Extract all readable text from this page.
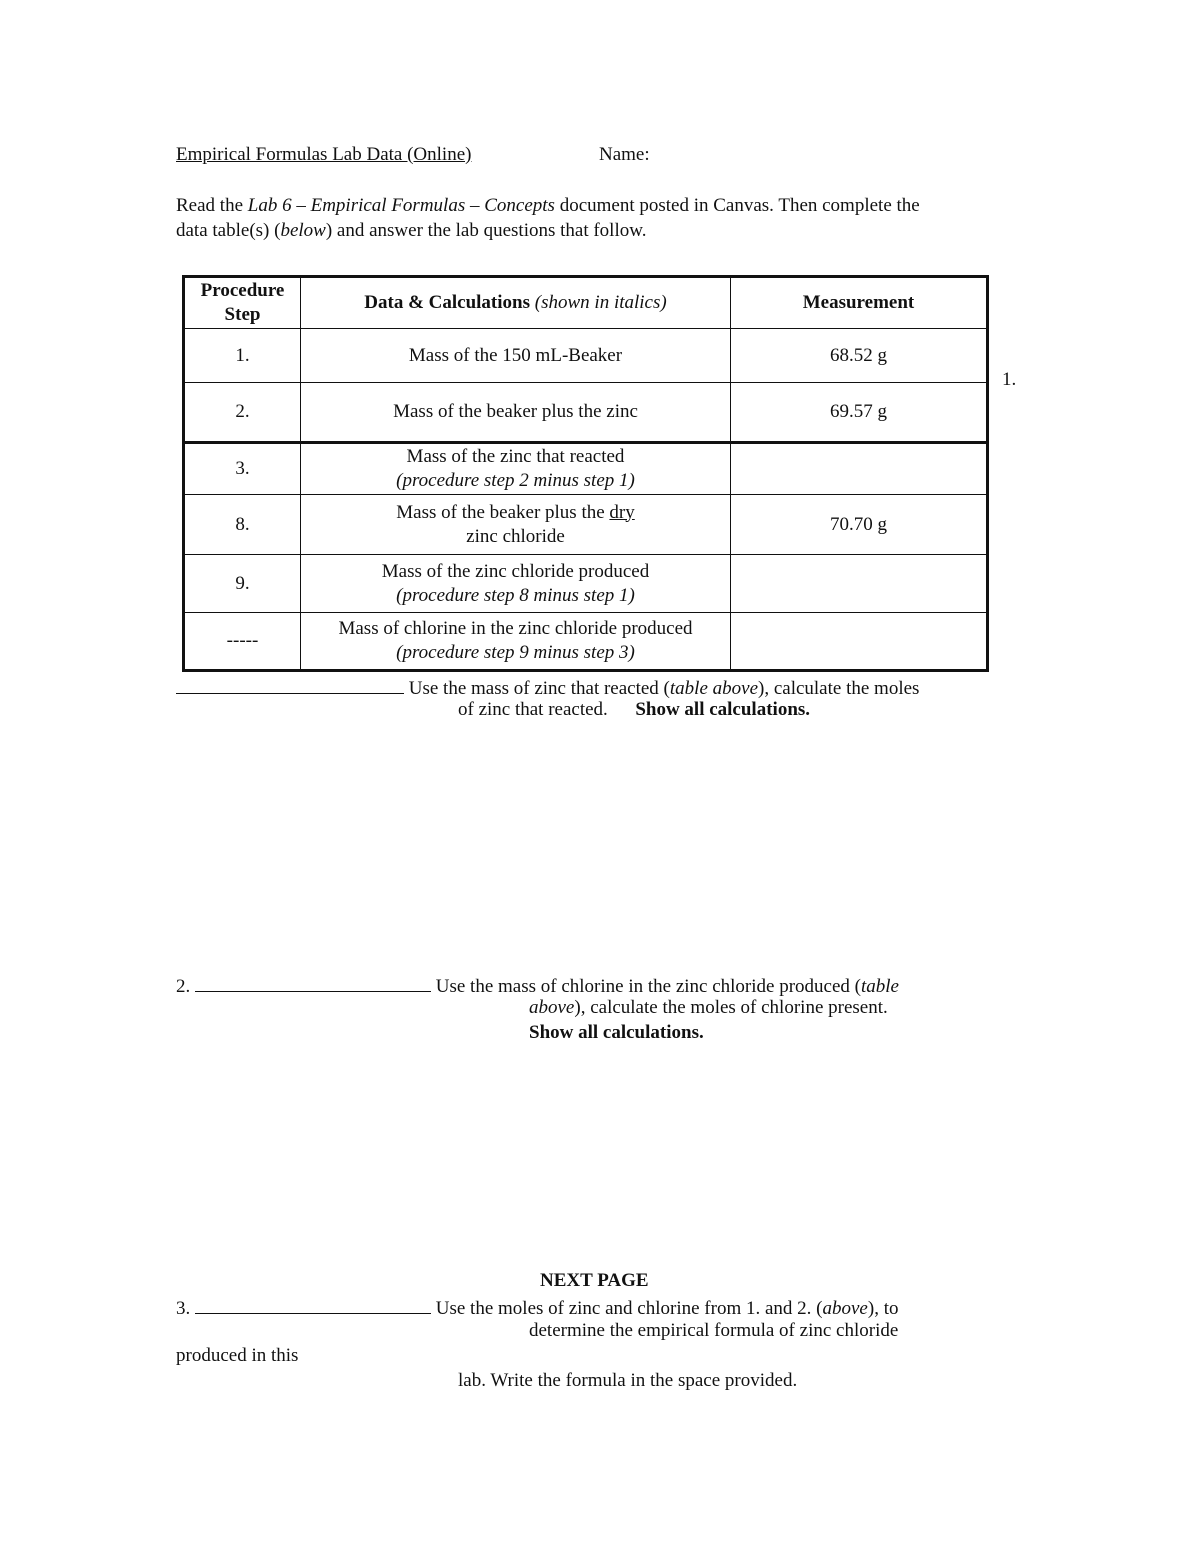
Empirical Formulas Lab Data (Online)	Name:
Read the Lab 6 – Empirical Formulas – Concepts document posted in Canvas. Then complete the
data table(s) (below) and answer the lab questions that follow.
Procedure
Step	Data & Calculations (shown in italics)	Measurement
1.	Mass of the 150 mL-Beaker	68.52 g
2.	Mass of the beaker plus the zinc	69.57 g
3.	Mass of the zinc that reacted
(procedure step 2 minus step 1)	
8.	Mass of the beaker plus the dry
zinc chloride	70.70 g
9.	Mass of the zinc chloride produced
(procedure step 8 minus step 1)	
-----	Mass of chlorine in the zinc chloride produced
(procedure step 9 minus step 3)	
1.
Use the mass of zinc that reacted (table above), calculate the moles
of zinc that reacted. Show all calculations.
2.	Use the mass of chlorine in the zinc chloride produced (table
above), calculate the moles of chlorine present.
Show all calculations.
NEXT PAGE
3.	Use the moles of zinc and chlorine from 1. and 2. (above), to
determine the empirical formula of zinc chloride
produced in this
lab. Write the formula in the space provided.
